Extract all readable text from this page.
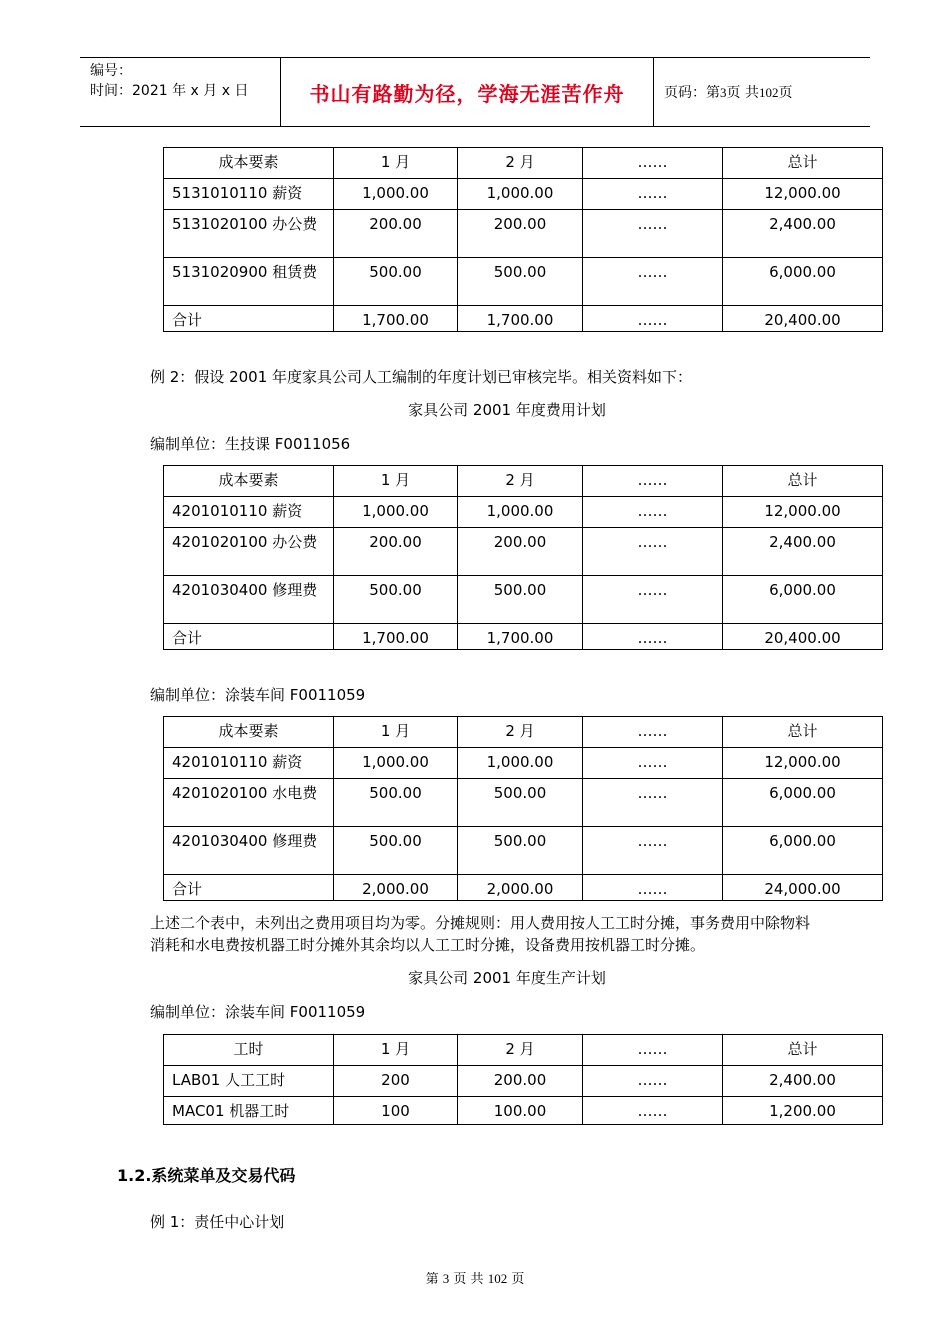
编号：
时间：2021 年 x 月 x 日	书山有路勤为径，学海无涯苦作舟	页码：第3页 共102页
成本要素	1 月	2 月	……	总计
5131010110 薪资	1,000.00	1,000.00	……	12,000.00
5131020100 办公费	200.00	200.00	……	2,400.00
5131020900 租赁费	500.00	500.00	……	6,000.00
合计	1,700.00	1,700.00	……	20,400.00
例 2：假设 2001 年度家具公司人工编制的年度计划已审核完毕。相关资料如下：
家具公司 2001 年度费用计划
编制单位：生技课 F0011056
成本要素	1 月	2 月	……	总计
4201010110 薪资	1,000.00	1,000.00	……	12,000.00
4201020100 办公费	200.00	200.00	……	2,400.00
4201030400 修理费	500.00	500.00	……	6,000.00
合计	1,700.00	1,700.00	……	20,400.00
编制单位：涂装车间 F0011059
成本要素	1 月	2 月	……	总计
4201010110 薪资	1,000.00	1,000.00	……	12,000.00
4201020100 水电费	500.00	500.00	……	6,000.00
4201030400 修理费	500.00	500.00	……	6,000.00
合计	2,000.00	2,000.00	……	24,000.00
上述二个表中，未列出之费用项目均为零。分摊规则：用人费用按人工工时分摊，事务费用中除物料
消耗和水电费按机器工时分摊外其余均以人工工时分摊，设备费用按机器工时分摊。
家具公司 2001 年度生产计划
编制单位：涂装车间 F0011059
工时	1 月	2 月	……	总计
LAB01 人工工时	200	200.00	……	2,400.00
MAC01 机器工时	100	100.00	……	1,200.00
1.2.系统菜单及交易代码
例 1：责任中心计划
第 3 页 共 102 页
